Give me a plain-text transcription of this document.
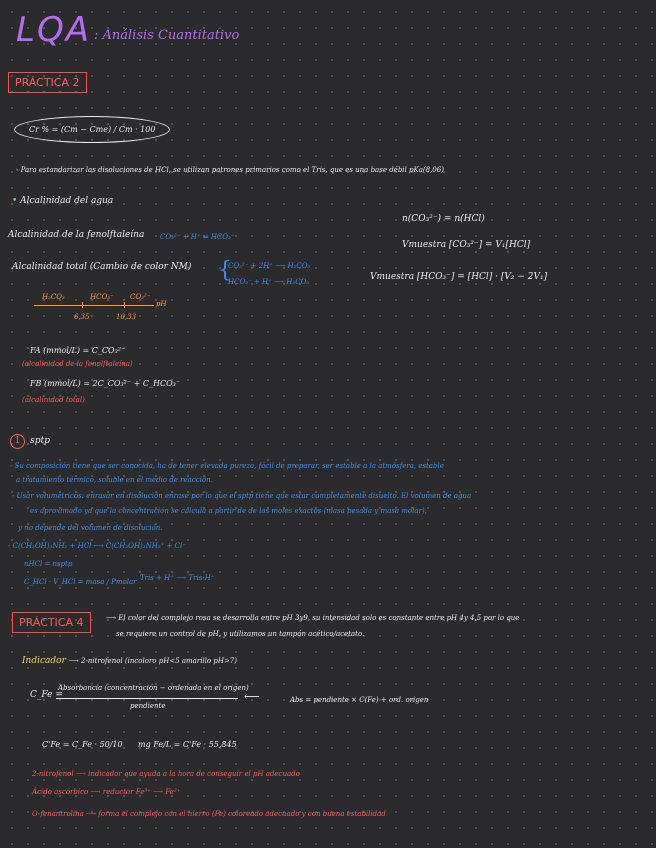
LQA : Análisis Cuantitativo
PRÁCTICA 2
Cr % = (Cm − Cme) / Cm · 100
- Para estandarizar las disoluciones de HCl, se utilizan patrones primarios como el Tris, que es una base débil pKa(8,06)
• Alcalinidad del agua
Alcalinidad de la fenolftaleína CO₃²⁻ + H⁺ ⇌ HCO₃⁻
Alcalinidad total (Cambio de color NM) {
CO₃²⁻ + 2H⁺ ⟶ H₂CO₃
HCO₃⁻ + H⁺ ⟶ H₂CO₃
H₂CO₃	HCO₃⁻ CO₃²⁻
pH
6,35	10,33
n(CO₃²⁻) = n(HCl)
Vmuestra [CO₃²⁻] = V₁[HCl]
Vmuestra [HCO₃⁻] = [HCl] · [V₂ − 2V₁]
FA (mmol/L) = C_CO₃²⁻
(alcalinidad de la fenolftaleína)
FB (mmol/L) = 2C_CO₃²⁻ + C_HCO₃⁻
(alcalinidad total)
1 sptp
- Su composición tiene que ser conocida, ha de tener elevada pureza, fácil de preparar, ser estable a la atmósfera, estable
a tratamiento térmico, soluble en el medio de reacción.
- Usar volumétricos: enrasar en disolución enrase por lo que el sptp tiene que estar completamente disuelto. El volumen de agua
es aproximado ya que la concentración se calcula a partir de de las moles exactos (masa pesada y masa molar),
y no depende del volumen de disolución.
- C(CH₂OH)₃NH₂ + HCl ⟷ C(CH₂OH)₃NH₃⁺ + Cl⁻
nHCl = nsptp
C_HCl · V_HCl = masa / Pmolar Tris + H⁺ ⟶ Tris-H⁺
PRÁCTICA 4	⟶ El color del complejo rosa se desarrolla entre pH 3y9, su intensidad solo es constante entre pH 4y 4,5 por lo que
se requiere un control de pH, y utilizamos un tampón acético/acetato.
Indicador ⟶ 2-nitrofenol (incoloro pH<5 amarillo pH>7)
C_Fe =
Absorbancia (concentración − ordenada en el origen)
pendiente
⟵	Abs = pendiente × C(Fe) + ord. origen
C'Fe = C_Fe · 50/10 mg Fe/L = C'Fe · 55,845
2-nitrofenol ⟶ indicador que ayuda a la hora de conseguir el pH adecuado
Ácido ascórbico ⟶ reductor Fe³⁺ ⟶ Fe²⁺
O-fenantrolina ⟶ forma el complejo con el hierro (Fe) coloreado adecuado y con buena estabilidad
